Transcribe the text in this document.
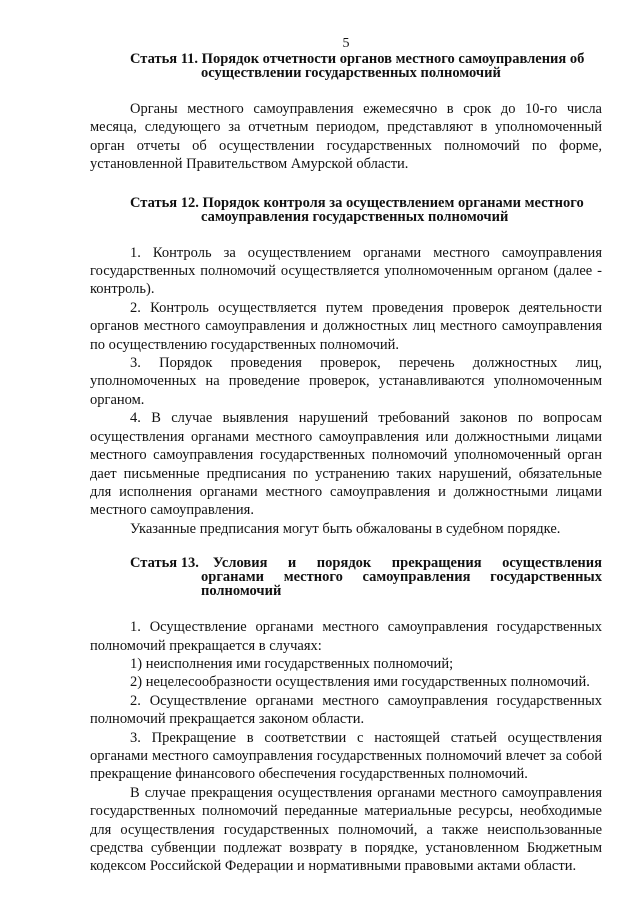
5
Статья 11. Порядок отчетности органов местного самоуправления об
осуществлении государственных полномочий

Органы местного самоуправления ежемесячно в срок до 10-го числа месяца, следующего за отчетным периодом, представляют в уполномоченный орган отчеты об осуществлении государственных полномочий по форме, установленной Правительством Амурской области.

Статья 12. Порядок контроля за осуществлением органами местного
самоуправления государственных полномочий

1. Контроль за осуществлением органами местного самоуправления государственных полномочий осуществляется уполномоченным органом (далее - контроль).

2. Контроль осуществляется путем проведения проверок деятельности органов местного самоуправления и должностных лиц местного самоуправления по осуществлению государственных полномочий.

3. Порядок проведения проверок, перечень должностных лиц, уполномоченных на проведение проверок, устанавливаются уполномоченным органом.

4. В случае выявления нарушений требований законов по вопросам осуществления органами местного самоуправления или должностными лицами местного самоуправления государственных полномочий уполномоченный орган дает письменные предписания по устранению таких нарушений, обязательные для исполнения органами местного самоуправления и должностными лицами местного самоуправления.

Указанные предписания могут быть обжалованы в судебном порядке.

Статья 13. Условия и порядок прекращения осуществления
органами местного самоуправления государственных
полномочий

1. Осуществление органами местного самоуправления государственных полномочий прекращается в случаях:

1) неисполнения ими государственных полномочий;

2) нецелесообразности осуществления ими государственных полномочий.

2. Осуществление органами местного самоуправления государственных полномочий прекращается законом области.

3. Прекращение в соответствии с настоящей статьей осуществления органами местного самоуправления государственных полномочий влечет за собой прекращение финансового обеспечения государственных полномочий.

В случае прекращения осуществления органами местного самоуправления государственных полномочий переданные материальные ресурсы, необходимые для осуществления государственных полномочий, а также неиспользованные средства субвенции подлежат возврату в порядке, установленном Бюджетным кодексом Российской Федерации и нормативными правовыми актами области.
